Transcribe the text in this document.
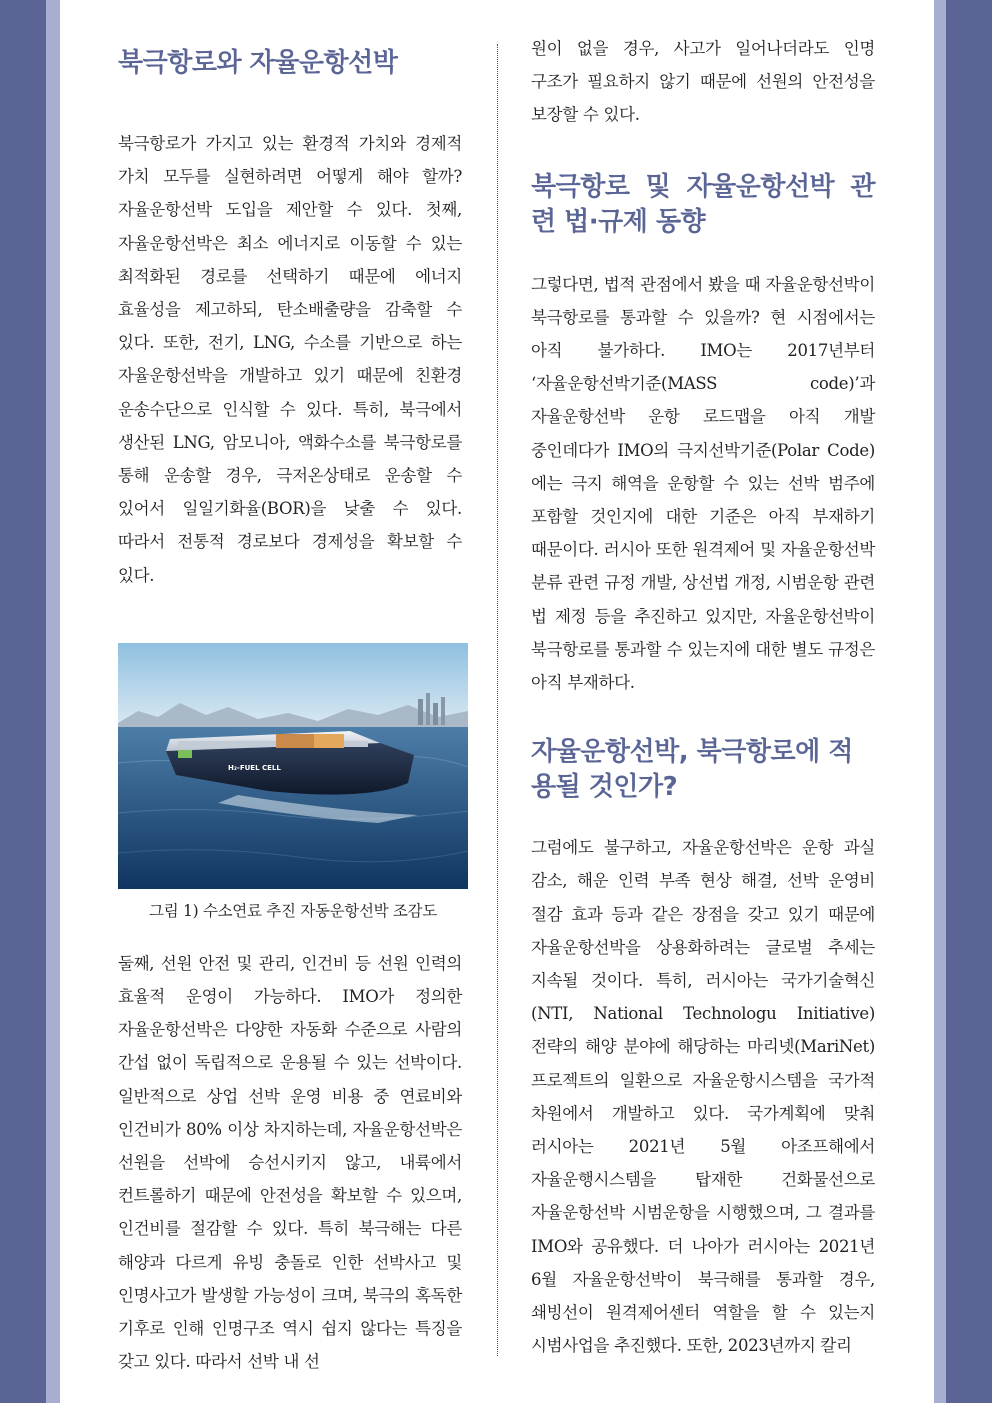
북극항로와 자율운항선박

북극항로가 가지고 있는 환경적 가치와 경제적 가치 모두를 실현하려면 어떻게 해야 할까? 자율운항선박 도입을 제안할 수 있다. 첫째, 자율운항선박은 최소 에너지로 이동할 수 있는 최적화된 경로를 선택하기 때문에 에너지 효율성을 제고하되, 탄소배출량을 감축할 수 있다. 또한, 전기, LNG, 수소를 기반으로 하는 자율운항선박을 개발하고 있기 때문에 친환경 운송수단으로 인식할 수 있다. 특히, 북극에서 생산된 LNG, 암모니아, 액화수소를 북극항로를 통해 운송할 경우, 극저온상태로 운송할 수 있어서 일일기화율(BOR)을 낮출 수 있다. 따라서 전통적 경로보다 경제성을 확보할 수 있다.

H₂-FUEL CELL
그림 1) 수소연료 추진 자동운항선박 조감도

둘째, 선원 안전 및 관리, 인건비 등 선원 인력의 효율적 운영이 가능하다. IMO가 정의한 자율운항선박은 다양한 자동화 수준으로 사람의 간섭 없이 독립적으로 운용될 수 있는 선박이다. 일반적으로 상업 선박 운영 비용 중 연료비와 인건비가 80% 이상 차지하는데, 자율운항선박은 선원을 선박에 승선시키지 않고, 내륙에서 컨트롤하기 때문에 안전성을 확보할 수 있으며, 인건비를 절감할 수 있다. 특히 북극해는 다른 해양과 다르게 유빙 충돌로 인한 선박사고 및 인명사고가 발생할 가능성이 크며, 북극의 혹독한 기후로 인해 인명구조 역시 쉽지 않다는 특징을 갖고 있다. 따라서 선박 내 선

원이 없을 경우, 사고가 일어나더라도 인명 구조가 필요하지 않기 때문에 선원의 안전성을 보장할 수 있다.

북극항로 및 자율운항선박 관련 법·규제 동향

그렇다면, 법적 관점에서 봤을 때 자율운항선박이 북극항로를 통과할 수 있을까? 현 시점에서는 아직 불가하다. IMO는 2017년부터 ‘자율운항선박기준(MASS code)’과 자율운항선박 운항 로드맵을 아직 개발 중인데다가 IMO의 극지선박기준(Polar Code)에는 극지 해역을 운항할 수 있는 선박 범주에 포함할 것인지에 대한 기준은 아직 부재하기 때문이다. 러시아 또한 원격제어 및 자율운항선박 분류 관련 규정 개발, 상선법 개정, 시범운항 관련 법 제정 등을 추진하고 있지만, 자율운항선박이 북극항로를 통과할 수 있는지에 대한 별도 규정은 아직 부재하다.

자율운항선박, 북극항로에 적용될 것인가?

그럼에도 불구하고, 자율운항선박은 운항 과실 감소, 해운 인력 부족 현상 해결, 선박 운영비 절감 효과 등과 같은 장점을 갖고 있기 때문에 자율운항선박을 상용화하려는 글로벌 추세는 지속될 것이다. 특히, 러시아는 국가기술혁신(NTI, National Technologu Initiative)전략의 해양 분야에 해당하는 마리넷(MariNet) 프로젝트의 일환으로 자율운항시스템을 국가적 차원에서 개발하고 있다. 국가계획에 맞춰 러시아는 2021년 5월 아조프해에서 자율운행시스템을 탑재한 건화물선으로 자율운항선박 시범운항을 시행했으며, 그 결과를 IMO와 공유했다. 더 나아가 러시아는 2021년 6월 자율운항선박이 북극해를 통과할 경우, 쇄빙선이 원격제어센터 역할을 할 수 있는지 시범사업을 추진했다. 또한, 2023년까지 칼리
